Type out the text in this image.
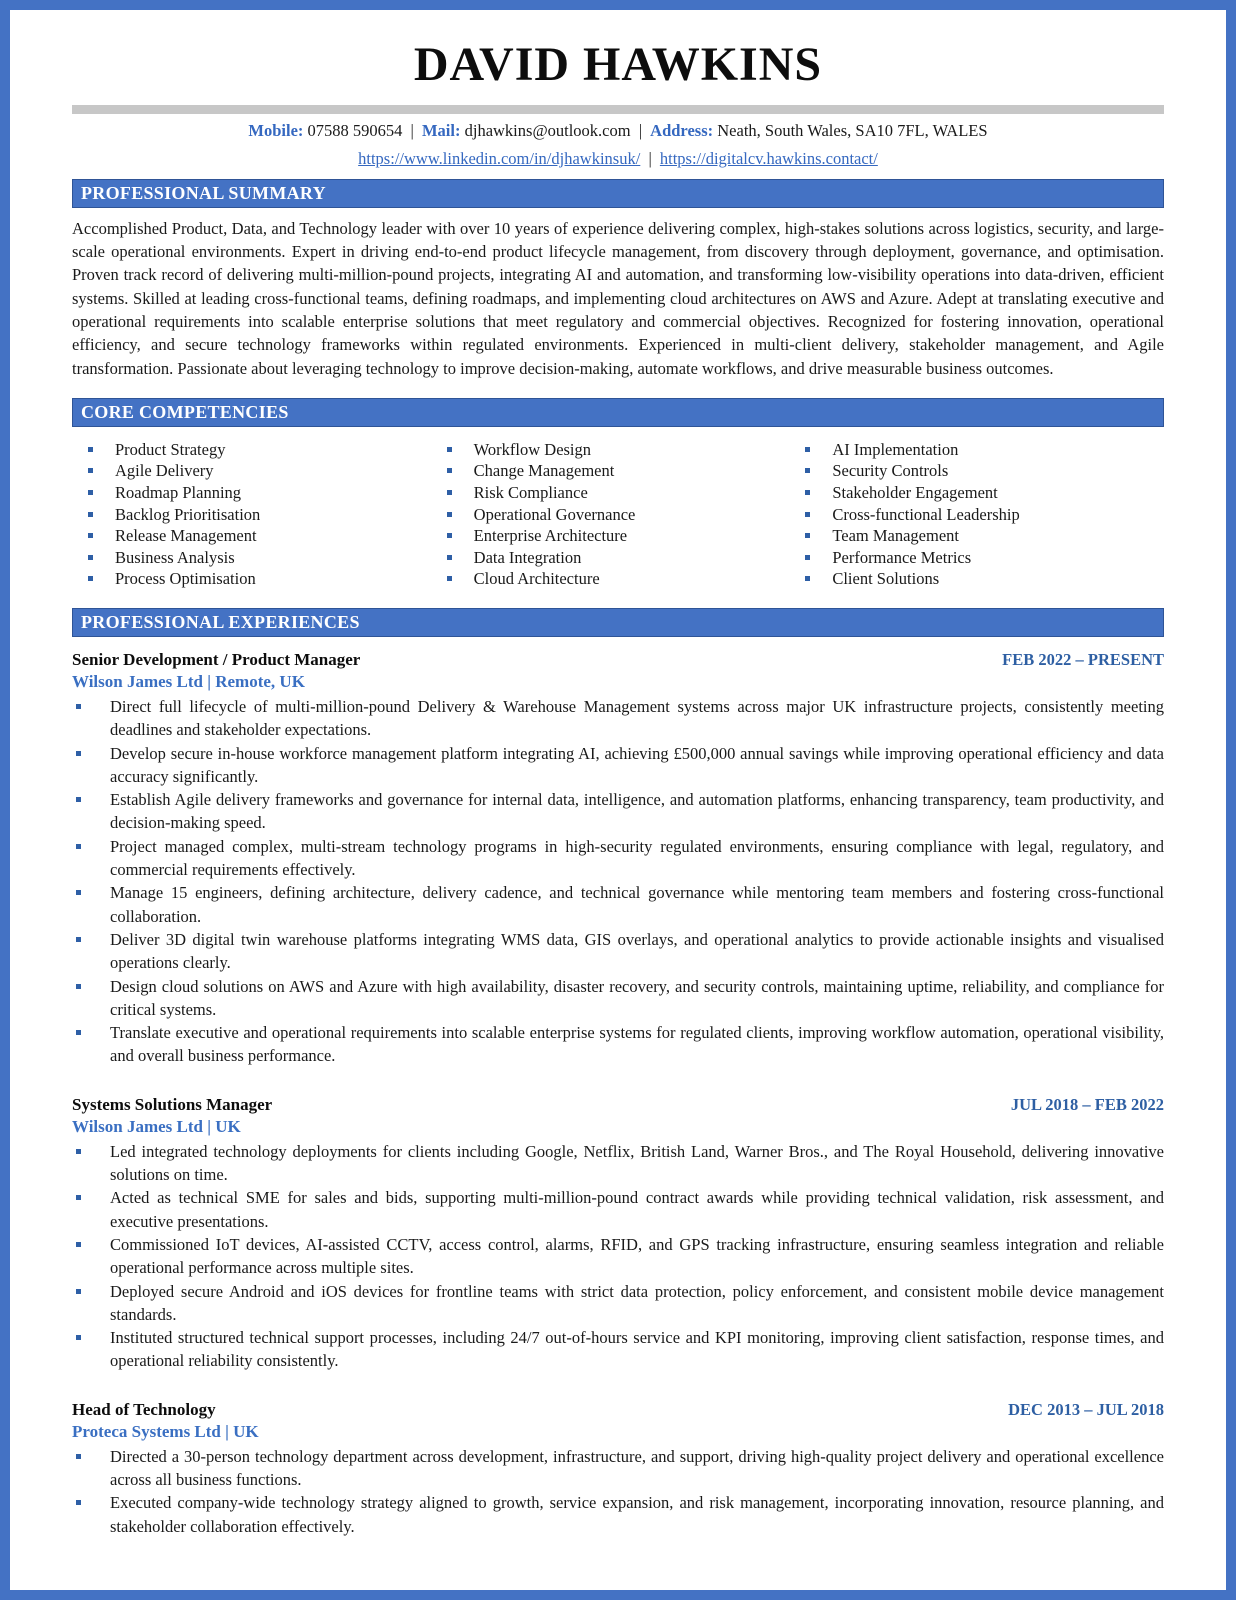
DAVID HAWKINS
Mobile: 07588 590654 | Mail: djhawkins@outlook.com | Address: Neath, South Wales, SA10 7FL, WALES
https://www.linkedin.com/in/djhawkinsuk/ | https://digitalcv.hawkins.contact/
PROFESSIONAL SUMMARY

Accomplished Product, Data, and Technology leader with over 10 years of experience delivering complex, high-stakes solutions across logistics, security, and large-scale operational environments. Expert in driving end-to-end product lifecycle management, from discovery through deployment, governance, and optimisation. Proven track record of delivering multi-million-pound projects, integrating AI and automation, and transforming low-visibility operations into data-driven, efficient systems. Skilled at leading cross-functional teams, defining roadmaps, and implementing cloud architectures on AWS and Azure. Adept at translating executive and operational requirements into scalable enterprise solutions that meet regulatory and commercial objectives. Recognized for fostering innovation, operational efficiency, and secure technology frameworks within regulated environments. Experienced in multi-client delivery, stakeholder management, and Agile transformation. Passionate about leveraging technology to improve decision-making, automate workflows, and drive measurable business outcomes.

CORE COMPETENCIES
Product Strategy
Agile Delivery
Roadmap Planning
Backlog Prioritisation
Release Management
Business Analysis
Process Optimisation
Workflow Design
Change Management
Risk Compliance
Operational Governance
Enterprise Architecture
Data Integration
Cloud Architecture
AI Implementation
Security Controls
Stakeholder Engagement
Cross-functional Leadership
Team Management
Performance Metrics
Client Solutions
PROFESSIONAL EXPERIENCES
Senior Development / Product Manager	FEB 2022 – PRESENT
Wilson James Ltd | Remote, UK
Direct full lifecycle of multi-million-pound Delivery & Warehouse Management systems across major UK infrastructure projects, consistently meeting deadlines and stakeholder expectations.
Develop secure in-house workforce management platform integrating AI, achieving £500,000 annual savings while improving operational efficiency and data accuracy significantly.
Establish Agile delivery frameworks and governance for internal data, intelligence, and automation platforms, enhancing transparency, team productivity, and decision-making speed.
Project managed complex, multi-stream technology programs in high-security regulated environments, ensuring compliance with legal, regulatory, and commercial requirements effectively.
Manage 15 engineers, defining architecture, delivery cadence, and technical governance while mentoring team members and fostering cross-functional collaboration.
Deliver 3D digital twin warehouse platforms integrating WMS data, GIS overlays, and operational analytics to provide actionable insights and visualised operations clearly.
Design cloud solutions on AWS and Azure with high availability, disaster recovery, and security controls, maintaining uptime, reliability, and compliance for critical systems.
Translate executive and operational requirements into scalable enterprise systems for regulated clients, improving workflow automation, operational visibility, and overall business performance.
Systems Solutions Manager	JUL 2018 – FEB 2022
Wilson James Ltd | UK
Led integrated technology deployments for clients including Google, Netflix, British Land, Warner Bros., and The Royal Household, delivering innovative solutions on time.
Acted as technical SME for sales and bids, supporting multi-million-pound contract awards while providing technical validation, risk assessment, and executive presentations.
Commissioned IoT devices, AI-assisted CCTV, access control, alarms, RFID, and GPS tracking infrastructure, ensuring seamless integration and reliable operational performance across multiple sites.
Deployed secure Android and iOS devices for frontline teams with strict data protection, policy enforcement, and consistent mobile device management standards.
Instituted structured technical support processes, including 24/7 out-of-hours service and KPI monitoring, improving client satisfaction, response times, and operational reliability consistently.
Head of Technology	DEC 2013 – JUL 2018
Proteca Systems Ltd | UK
Directed a 30-person technology department across development, infrastructure, and support, driving high-quality project delivery and operational excellence across all business functions.
Executed company-wide technology strategy aligned to growth, service expansion, and risk management, incorporating innovation, resource planning, and stakeholder collaboration effectively.
